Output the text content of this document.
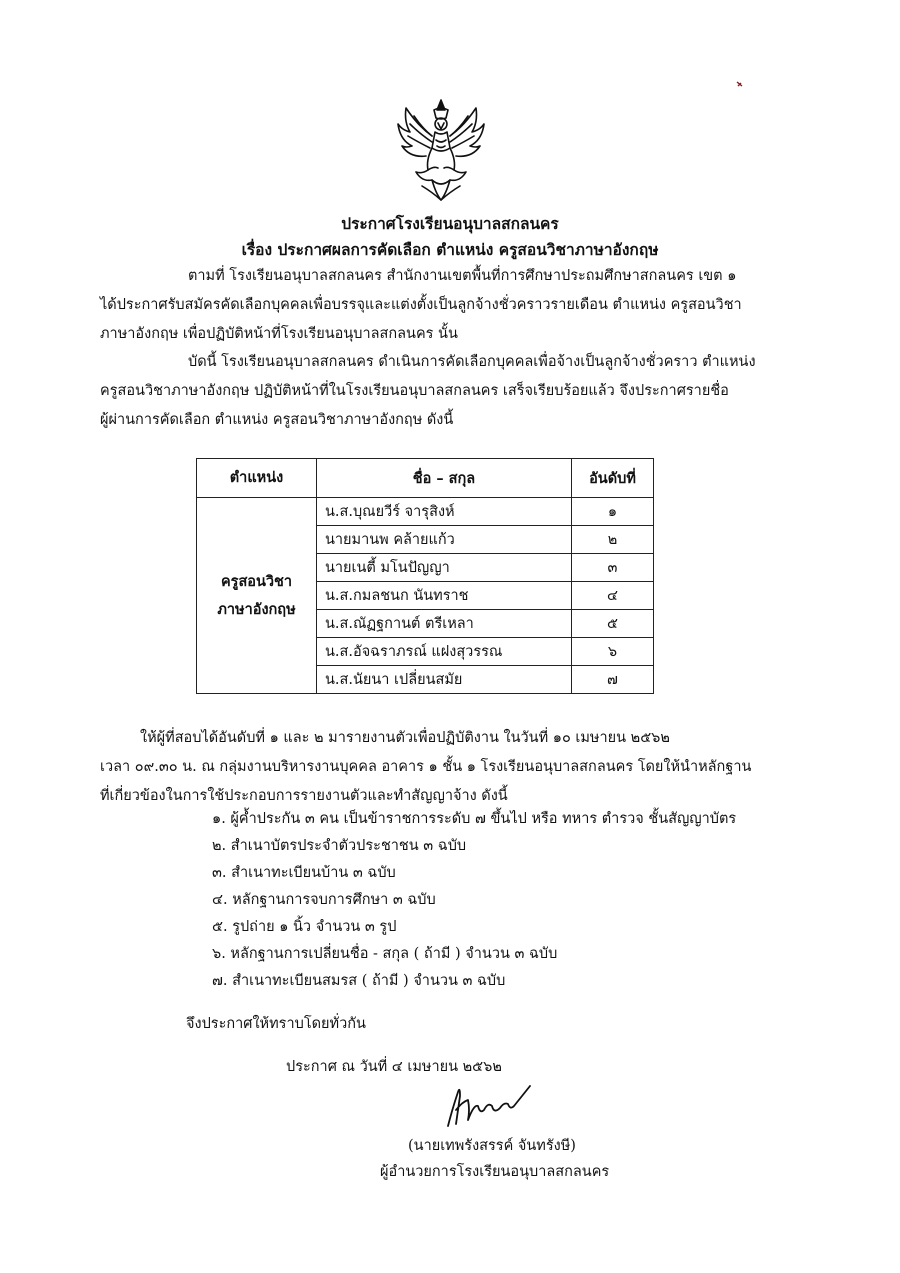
ประกาศโรงเรียนอนุบาลสกลนคร
เรื่อง ประกาศผลการคัดเลือก ตำแหน่ง ครูสอนวิชาภาษาอังกฤษ
ตามที่ โรงเรียนอนุบาลสกลนคร สำนักงานเขตพื้นที่การศึกษาประถมศึกษาสกลนคร เขต ๑
ได้ประกาศรับสมัครคัดเลือกบุคคลเพื่อบรรจุและแต่งตั้งเป็นลูกจ้างชั่วคราวรายเดือน ตำแหน่ง ครูสอนวิชา
ภาษาอังกฤษ เพื่อปฏิบัติหน้าที่โรงเรียนอนุบาลสกลนคร นั้น
บัดนี้ โรงเรียนอนุบาลสกลนคร ดำเนินการคัดเลือกบุคคลเพื่อจ้างเป็นลูกจ้างชั่วคราว ตำแหน่ง
ครูสอนวิชาภาษาอังกฤษ ปฏิบัติหน้าที่ในโรงเรียนอนุบาลสกลนคร เสร็จเรียบร้อยแล้ว จึงประกาศรายชื่อ
ผู้ผ่านการคัดเลือก ตำแหน่ง ครูสอนวิชาภาษาอังกฤษ ดังนี้
ตำแหน่ง	ชื่อ – สกุล	อันดับที่

ครูสอนวิชา
ภาษาอังกฤษ	น.ส.บุณยวีร์ จารุสิงห์	๑
	นายมานพ คล้ายแก้ว	๒
	นายเนตี้ มโนปัญญา	๓
	น.ส.กมลชนก นันทราช	๔
	น.ส.ณัฏฐกานต์ ตรีเหลา	๕
	น.ส.อัจฉราภรณ์ แฝงสุวรรณ	๖
	น.ส.นัยนา เปลี่ยนสมัย	๗
ให้ผู้ที่สอบได้อันดับที่ ๑ และ ๒ มารายงานตัวเพื่อปฏิบัติงาน ในวันที่ ๑๐ เมษายน ๒๕๖๒
เวลา ๐๙.๓๐ น. ณ กลุ่มงานบริหารงานบุคคล อาคาร ๑ ชั้น ๑ โรงเรียนอนุบาลสกลนคร โดยให้นำหลักฐาน
ที่เกี่ยวข้องในการใช้ประกอบการรายงานตัวและทำสัญญาจ้าง ดังนี้
๑. ผู้ค้ำประกัน ๓ คน เป็นข้าราชการระดับ ๗ ขึ้นไป หรือ ทหาร ตำรวจ ชั้นสัญญาบัตร
๒. สำเนาบัตรประจำตัวประชาชน ๓ ฉบับ
๓. สำเนาทะเบียนบ้าน ๓ ฉบับ
๔. หลักฐานการจบการศึกษา ๓ ฉบับ
๕. รูปถ่าย ๑ นิ้ว จำนวน ๓ รูป
๖. หลักฐานการเปลี่ยนชื่อ - สกุล ( ถ้ามี ) จำนวน ๓ ฉบับ
๗. สำเนาทะเบียนสมรส ( ถ้ามี ) จำนวน ๓ ฉบับ
จึงประกาศให้ทราบโดยทั่วกัน
ประกาศ ณ วันที่ ๔ เมษายน ๒๕๖๒
(นายเทพรังสรรค์ จันทรังษี)
ผู้อำนวยการโรงเรียนอนุบาลสกลนคร
